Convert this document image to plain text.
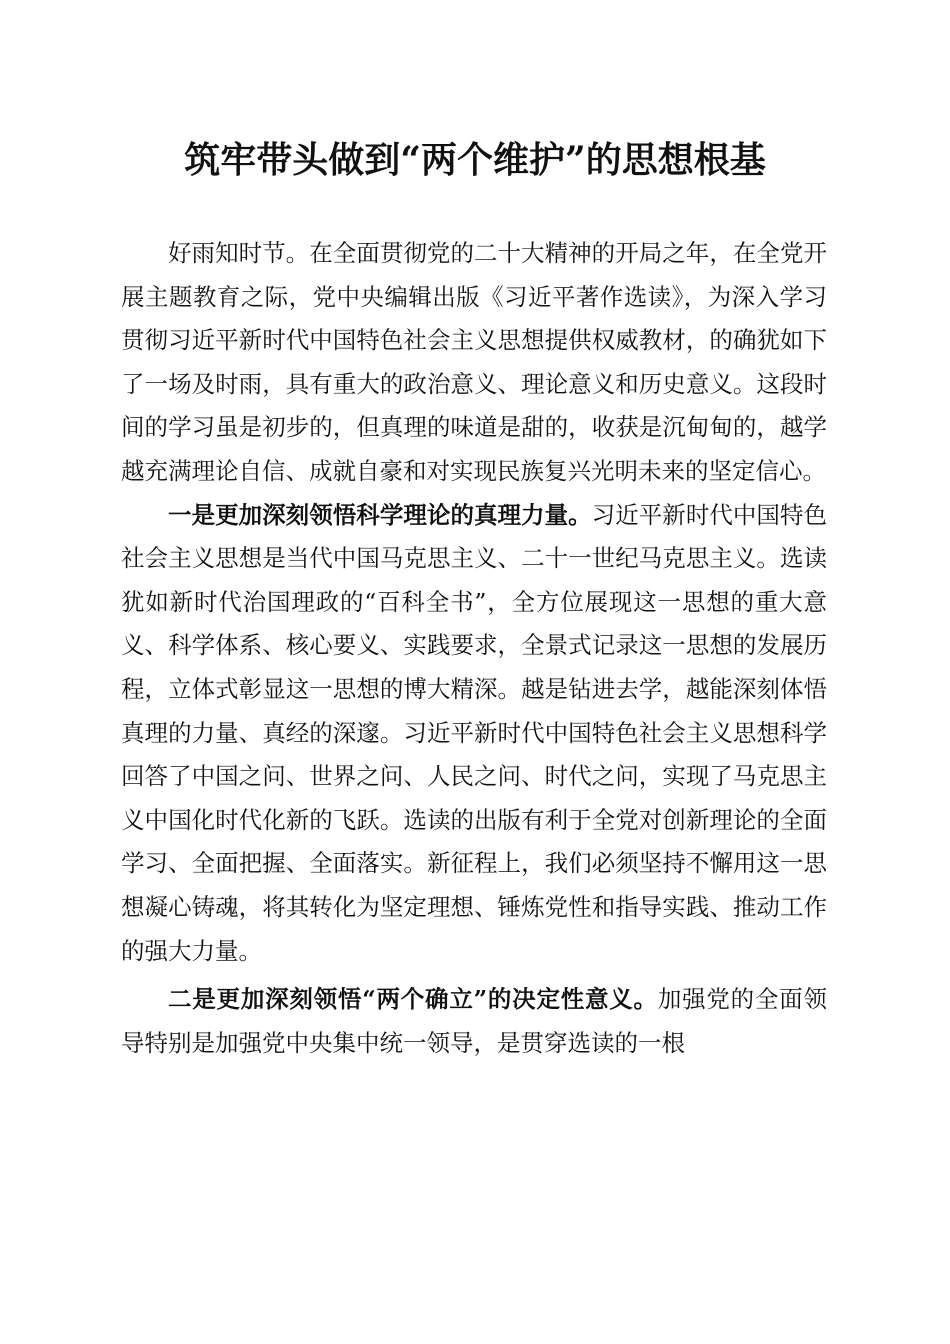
筑牢带头做到“两个维护”的思想根基

好雨知时节。在全面贯彻党的二十大精神的开局之年，在全党开展主题教育之际，党中央编辑出版《习近平著作选读》，为深入学习贯彻习近平新时代中国特色社会主义思想提供权威教材，的确犹如下了一场及时雨，具有重大的政治意义、理论意义和历史意义。这段时间的学习虽是初步的，但真理的味道是甜的，收获是沉甸甸的，越学越充满理论自信、成就自豪和对实现民族复兴光明未来的坚定信心。

一是更加深刻领悟科学理论的真理力量。习近平新时代中国特色社会主义思想是当代中国马克思主义、二十一世纪马克思主义。选读犹如新时代治国理政的“百科全书”，全方位展现这一思想的重大意义、科学体系、核心要义、实践要求，全景式记录这一思想的发展历程，立体式彰显这一思想的博大精深。越是钻进去学，越能深刻体悟真理的力量、真经的深邃。习近平新时代中国特色社会主义思想科学回答了中国之问、世界之问、人民之问、时代之问，实现了马克思主义中国化时代化新的飞跃。选读的出版有利于全党对创新理论的全面学习、全面把握、全面落实。新征程上，我们必须坚持不懈用这一思想凝心铸魂，将其转化为坚定理想、锤炼党性和指导实践、推动工作的强大力量。

二是更加深刻领悟“两个确立”的决定性意义。加强党的全面领导特别是加强党中央集中统一领导，是贯穿选读的一根
